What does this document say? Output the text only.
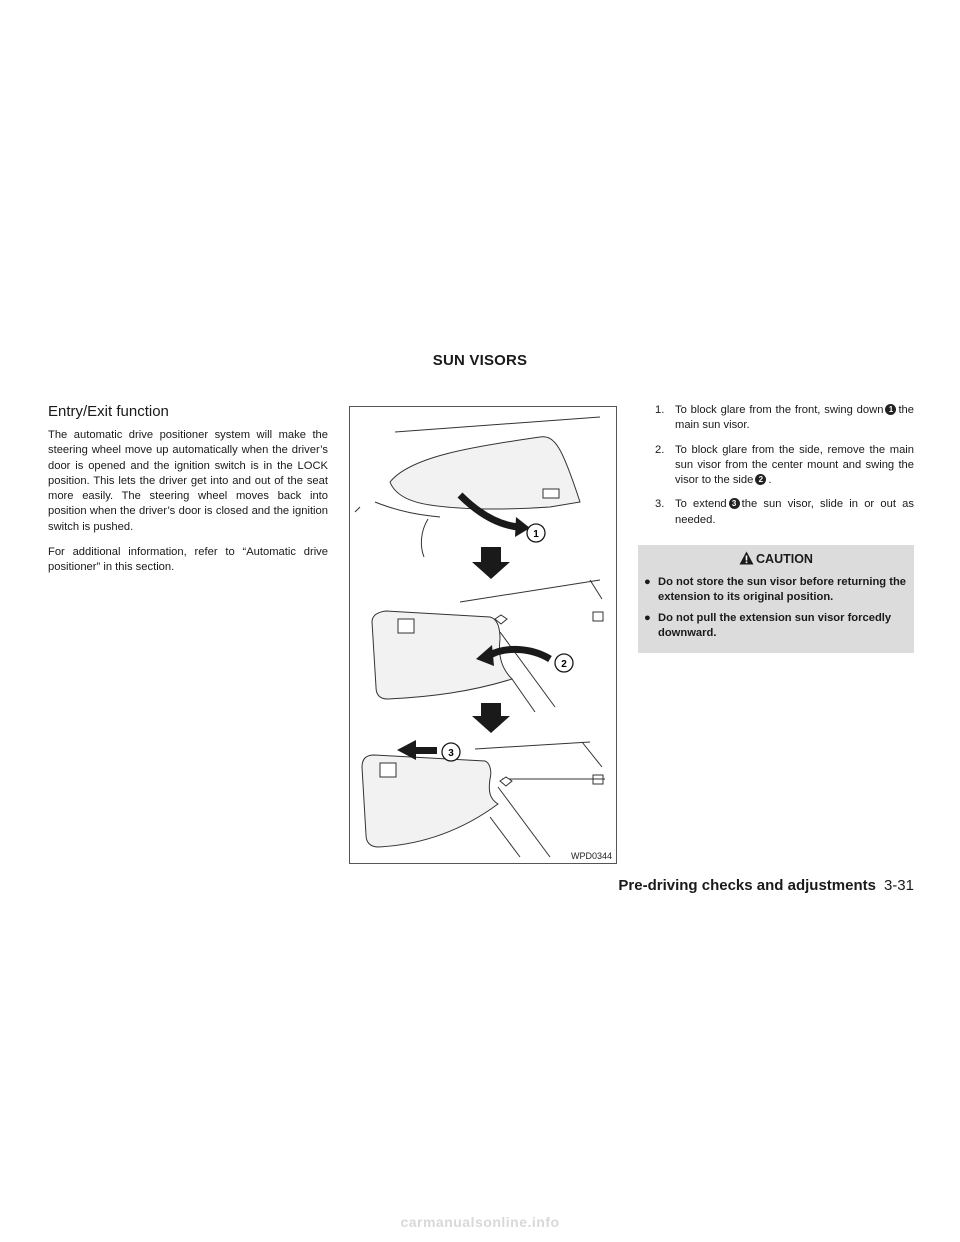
SUN VISORS
Entry/Exit function

The automatic drive positioner system will make the steering wheel move up automatically when the driver’s door is opened and the ignition switch is in the LOCK position. This lets the driver get into and out of the seat more easily. The steering wheel moves back into position when the driver’s door is closed and the ignition switch is pushed.

For additional information, refer to “Automatic drive positioner” in this section.

1
2
3
WPD0344
1. To block glare from the front, swing down 1 the main sun visor.
2. To block glare from the side, remove the main sun visor from the center mount and swing the visor to the side 2 .
3. To extend 3 the sun visor, slide in or out as needed.
CAUTION
● Do not store the sun visor before returning the extension to its original position.
● Do not pull the extension sun visor forcedly downward.
Pre-driving checks and adjustments 3-31
carmanualsonline.info
